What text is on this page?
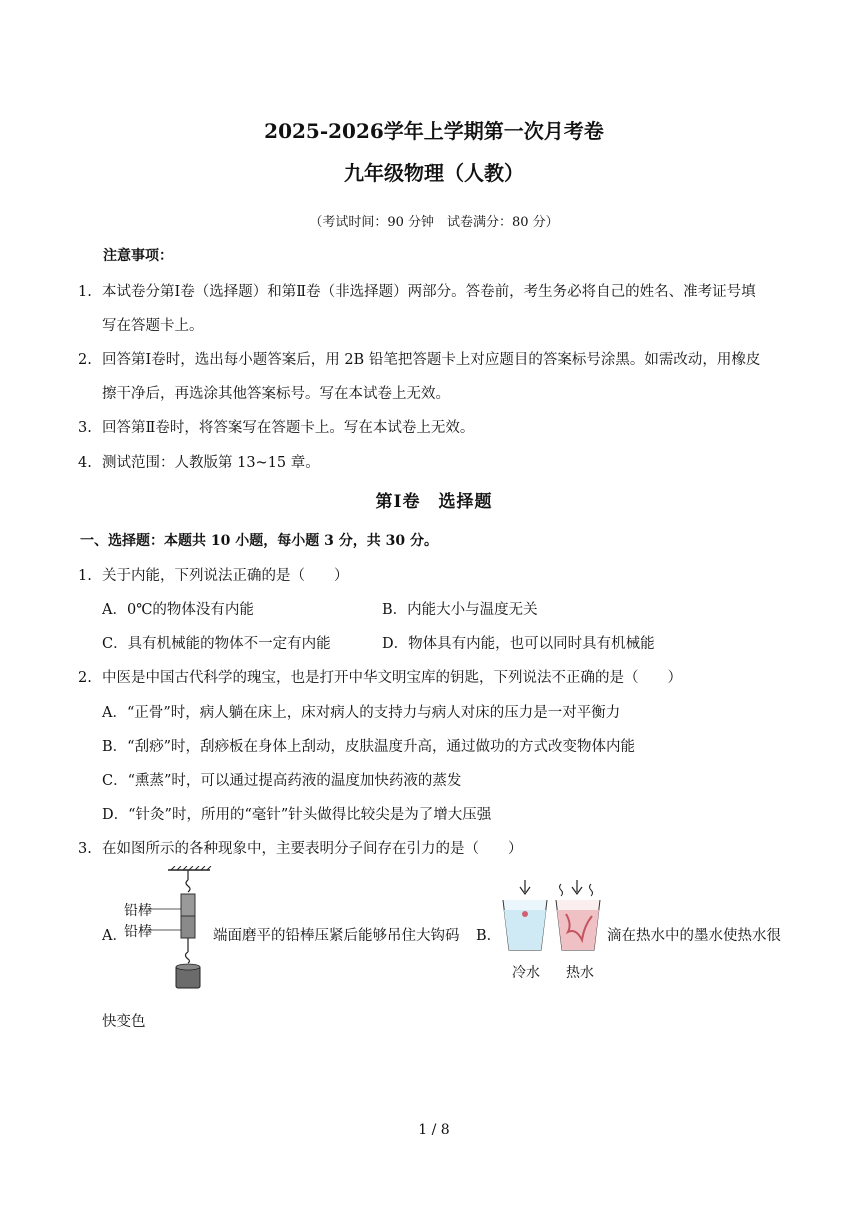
2025-2026学年上学期第一次月考卷
九年级物理（人教）
（考试时间：90 分钟　试卷满分：80 分）
注意事项：
1. 本试卷分第Ⅰ卷（选择题）和第Ⅱ卷（非选择题）两部分。答卷前，考生务必将自己的姓名、准考证号填
写在答题卡上。
2. 回答第Ⅰ卷时，选出每小题答案后，用 2B 铅笔把答题卡上对应题目的答案标号涂黑。如需改动，用橡皮
擦干净后，再选涂其他答案标号。写在本试卷上无效。
3. 回答第Ⅱ卷时，将答案写在答题卡上。写在本试卷上无效。
4. 测试范围：人教版第 13~15 章。
第Ⅰ卷 选择题
一、选择题：本题共 10 小题，每小题 3 分，共 30 分。
1. 关于内能，下列说法正确的是（　　）
A．0℃的物体没有内能	B．内能大小与温度无关
C．具有机械能的物体不一定有内能	D．物体具有内能，也可以同时具有机械能
2. 中医是中国古代科学的瑰宝，也是打开中华文明宝库的钥匙，下列说法不正确的是（　　）
A．“正骨”时，病人躺在床上，床对病人的支持力与病人对床的压力是一对平衡力
B．“刮痧”时，刮痧板在身体上刮动，皮肤温度升高，通过做功的方式改变物体内能
C．“熏蒸”时，可以通过提高药液的温度加快药液的蒸发
D．“针灸”时，所用的“毫针”针头做得比较尖是为了增大压强
3. 在如图所示的各种现象中，主要表明分子间存在引力的是（　　）
A．
铅棒
铅棒	端面磨平的铅棒压紧后能够吊住大钩码 B．
冷水 热水
滴在热水中的墨水使热水很
快变色
1 / 8
